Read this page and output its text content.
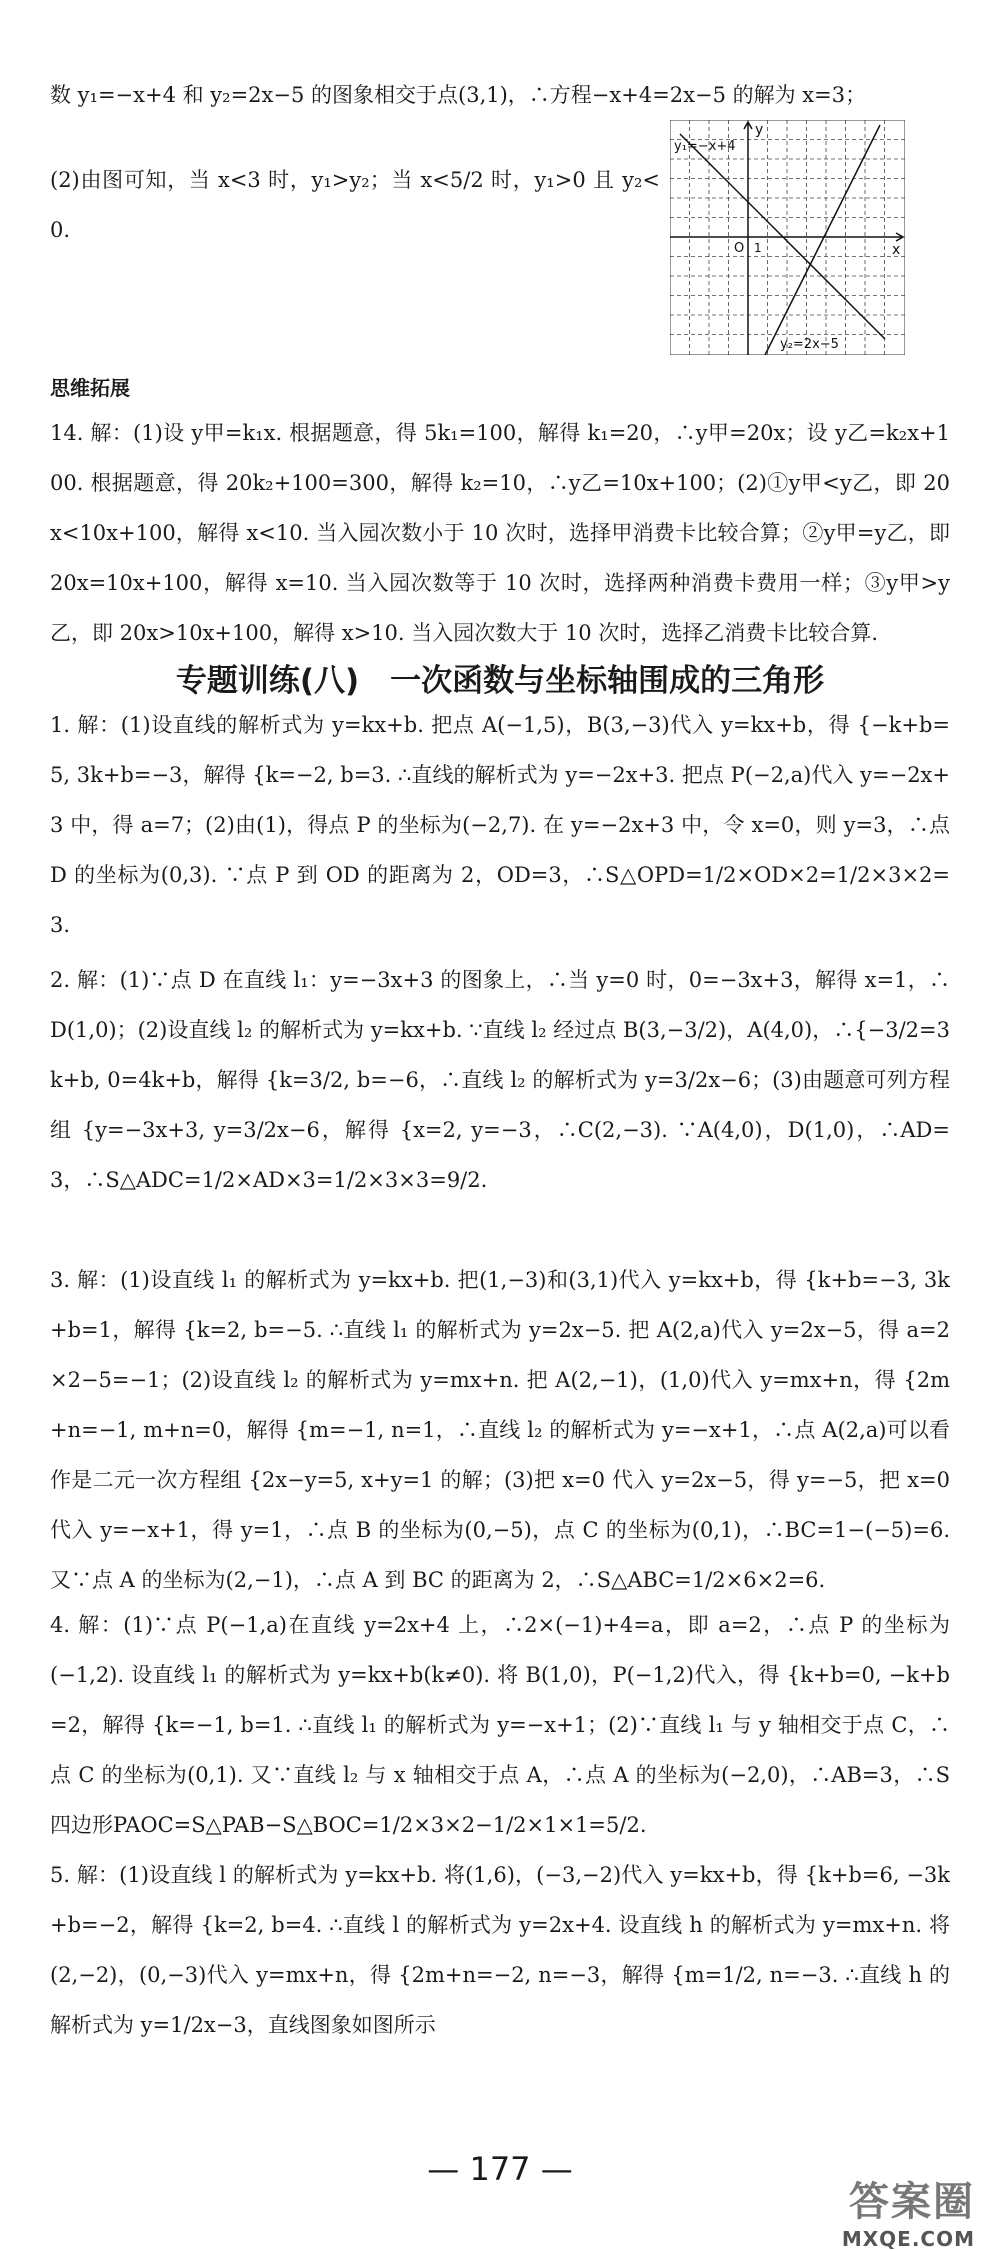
数 y₁=−x+4 和 y₂=2x−5 的图象相交于点(3,1)，∴方程−x+4=2x−5 的解为 x=3；
y₁=−x+4
y₂=2x−5
x
y
O 1
(2)由图可知，当 x<3 时，y₁>y₂；当 x<5/2 时，y₁>0 且 y₂<0.
思维拓展
14. 解：(1)设 y甲=k₁x. 根据题意，得 5k₁=100，解得 k₁=20，∴y甲=20x；设 y乙=k₂x+100. 根据题意，得 20k₂+100=300，解得 k₂=10，∴y乙=10x+100；(2)①y甲<y乙，即 20x<10x+100，解得 x<10. 当入园次数小于 10 次时，选择甲消费卡比较合算；②y甲=y乙，即 20x=10x+100，解得 x=10. 当入园次数等于 10 次时，选择两种消费卡费用一样；③y甲>y乙，即 20x>10x+100，解得 x>10. 当入园次数大于 10 次时，选择乙消费卡比较合算.
专题训练(八)　一次函数与坐标轴围成的三角形
1. 解：(1)设直线的解析式为 y=kx+b. 把点 A(−1,5)，B(3,−3)代入 y=kx+b，得 {−k+b=5, 3k+b=−3，解得 {k=−2, b=3. ∴直线的解析式为 y=−2x+3. 把点 P(−2,a)代入 y=−2x+3 中，得 a=7；(2)由(1)，得点 P 的坐标为(−2,7). 在 y=−2x+3 中，令 x=0，则 y=3，∴点 D 的坐标为(0,3). ∵点 P 到 OD 的距离为 2，OD=3，∴S△OPD=1/2×OD×2=1/2×3×2=3.
2. 解：(1)∵点 D 在直线 l₁：y=−3x+3 的图象上，∴当 y=0 时，0=−3x+3，解得 x=1，∴D(1,0)；(2)设直线 l₂ 的解析式为 y=kx+b. ∵直线 l₂ 经过点 B(3,−3/2)，A(4,0)，∴{−3/2=3k+b, 0=4k+b，解得 {k=3/2, b=−6，∴直线 l₂ 的解析式为 y=3/2x−6；(3)由题意可列方程组 {y=−3x+3, y=3/2x−6，解得 {x=2, y=−3，∴C(2,−3). ∵A(4,0)，D(1,0)，∴AD=3，∴S△ADC=1/2×AD×3=1/2×3×3=9/2.
3. 解：(1)设直线 l₁ 的解析式为 y=kx+b. 把(1,−3)和(3,1)代入 y=kx+b，得 {k+b=−3, 3k+b=1，解得 {k=2, b=−5. ∴直线 l₁ 的解析式为 y=2x−5. 把 A(2,a)代入 y=2x−5，得 a=2×2−5=−1；(2)设直线 l₂ 的解析式为 y=mx+n. 把 A(2,−1)，(1,0)代入 y=mx+n，得 {2m+n=−1, m+n=0，解得 {m=−1, n=1，∴直线 l₂ 的解析式为 y=−x+1，∴点 A(2,a)可以看作是二元一次方程组 {2x−y=5, x+y=1 的解；(3)把 x=0 代入 y=2x−5，得 y=−5，把 x=0 代入 y=−x+1，得 y=1，∴点 B 的坐标为(0,−5)，点 C 的坐标为(0,1)，∴BC=1−(−5)=6. 又∵点 A 的坐标为(2,−1)，∴点 A 到 BC 的距离为 2，∴S△ABC=1/2×6×2=6.
4. 解：(1)∵点 P(−1,a)在直线 y=2x+4 上，∴2×(−1)+4=a，即 a=2，∴点 P 的坐标为(−1,2). 设直线 l₁ 的解析式为 y=kx+b(k≠0). 将 B(1,0)，P(−1,2)代入，得 {k+b=0, −k+b=2，解得 {k=−1, b=1. ∴直线 l₁ 的解析式为 y=−x+1；(2)∵直线 l₁ 与 y 轴相交于点 C，∴点 C 的坐标为(0,1). 又∵直线 l₂ 与 x 轴相交于点 A，∴点 A 的坐标为(−2,0)，∴AB=3，∴S四边形PAOC=S△PAB−S△BOC=1/2×3×2−1/2×1×1=5/2.
5. 解：(1)设直线 l 的解析式为 y=kx+b. 将(1,6)，(−3,−2)代入 y=kx+b，得 {k+b=6, −3k+b=−2，解得 {k=2, b=4. ∴直线 l 的解析式为 y=2x+4. 设直线 h 的解析式为 y=mx+n. 将(2,−2)，(0,−3)代入 y=mx+n，得 {2m+n=−2, n=−3，解得 {m=1/2, n=−3. ∴直线 h 的解析式为 y=1/2x−3，直线图象如图所示
— 177 —
答案圈
MXQE.COM
